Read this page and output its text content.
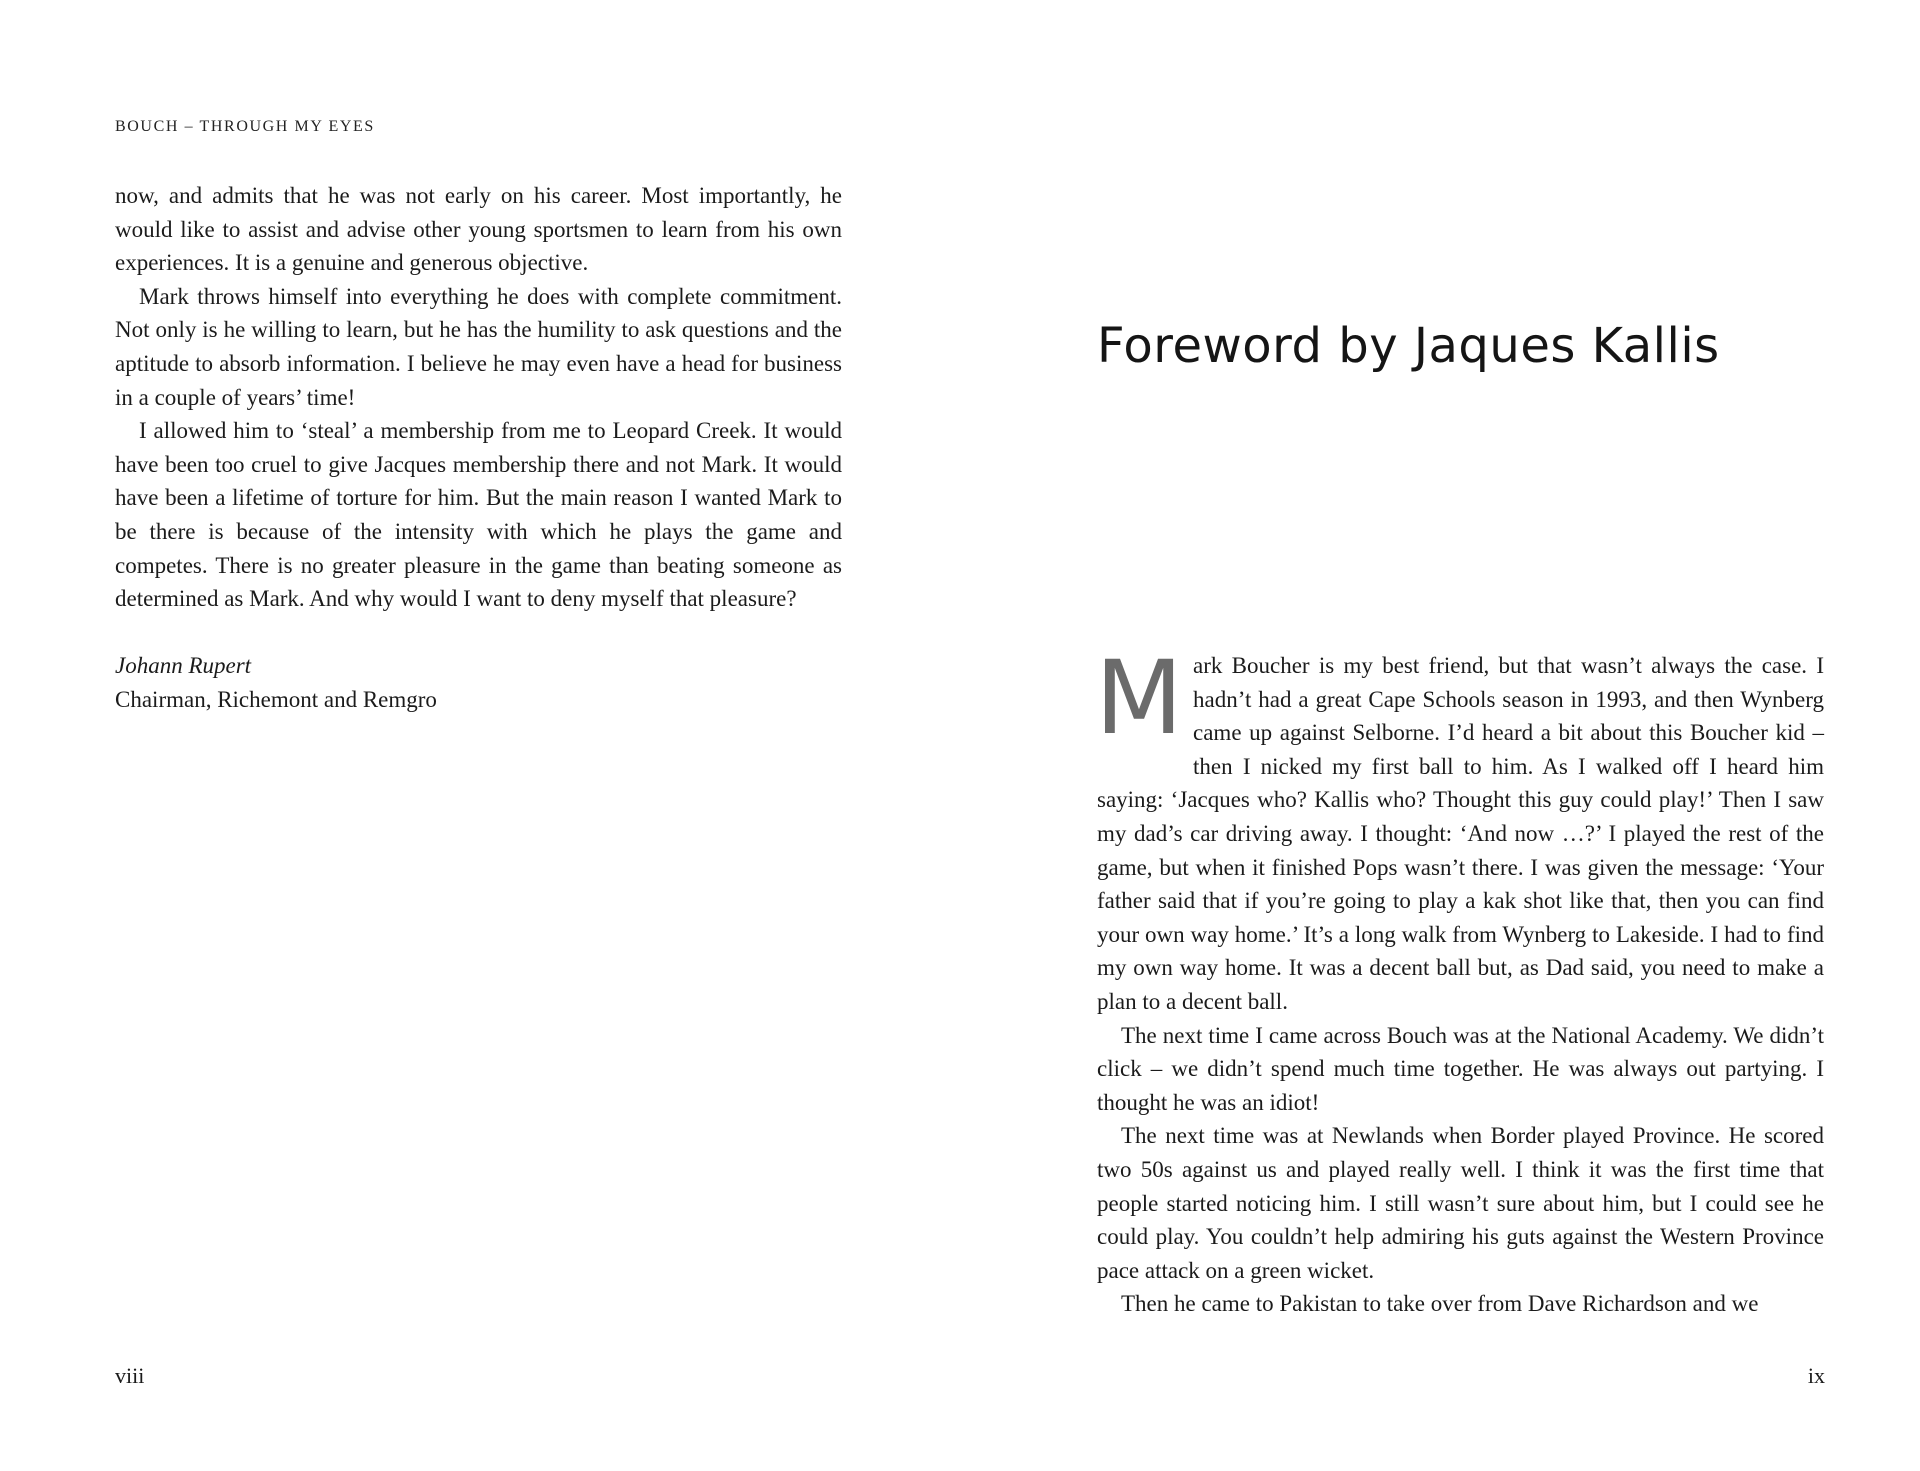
BOUCH – THROUGH MY EYES

now, and admits that he was not early on his career. Most importantly, he would like to assist and advise other young sportsmen to learn from his own experiences. It is a genuine and generous objective.

Mark throws himself into everything he does with complete commitment. Not only is he willing to learn, but he has the humility to ask questions and the aptitude to absorb information. I believe he may even have a head for business in a couple of years’ time!

I allowed him to ‘steal’ a membership from me to Leopard Creek. It would have been too cruel to give Jacques membership there and not Mark. It would have been a lifetime of torture for him. But the main reason I wanted Mark to be there is because of the intensity with which he plays the game and competes. There is no greater pleasure in the game than beating someone as determined as Mark. And why would I want to deny myself that pleasure?

Johann Rupert
Chairman, Richemont and Remgro
viii
Foreword by Jaques Kallis

Mark Boucher is my best friend, but that wasn’t always the case. I hadn’t had a great Cape Schools season in 1993, and then Wynberg came up against Selborne. I’d heard a bit about this Boucher kid – then I nicked my first ball to him. As I walked off I heard him saying: ‘Jacques who? Kallis who? Thought this guy could play!’ Then I saw my dad’s car driving away. I thought: ‘And now …?’ I played the rest of the game, but when it finished Pops wasn’t there. I was given the message: ‘Your father said that if you’re going to play a kak shot like that, then you can find your own way home.’ It’s a long walk from Wynberg to Lakeside. I had to find my own way home. It was a decent ball but, as Dad said, you need to make a plan to a decent ball.

The next time I came across Bouch was at the National Academy. We didn’t click – we didn’t spend much time together. He was always out partying. I thought he was an idiot!

The next time was at Newlands when Border played Province. He scored two 50s against us and played really well. I think it was the first time that people started noticing him. I still wasn’t sure about him, but I could see he could play. You couldn’t help admiring his guts against the Western Province pace attack on a green wicket.

Then he came to Pakistan to take over from Dave Richardson and we

ix
